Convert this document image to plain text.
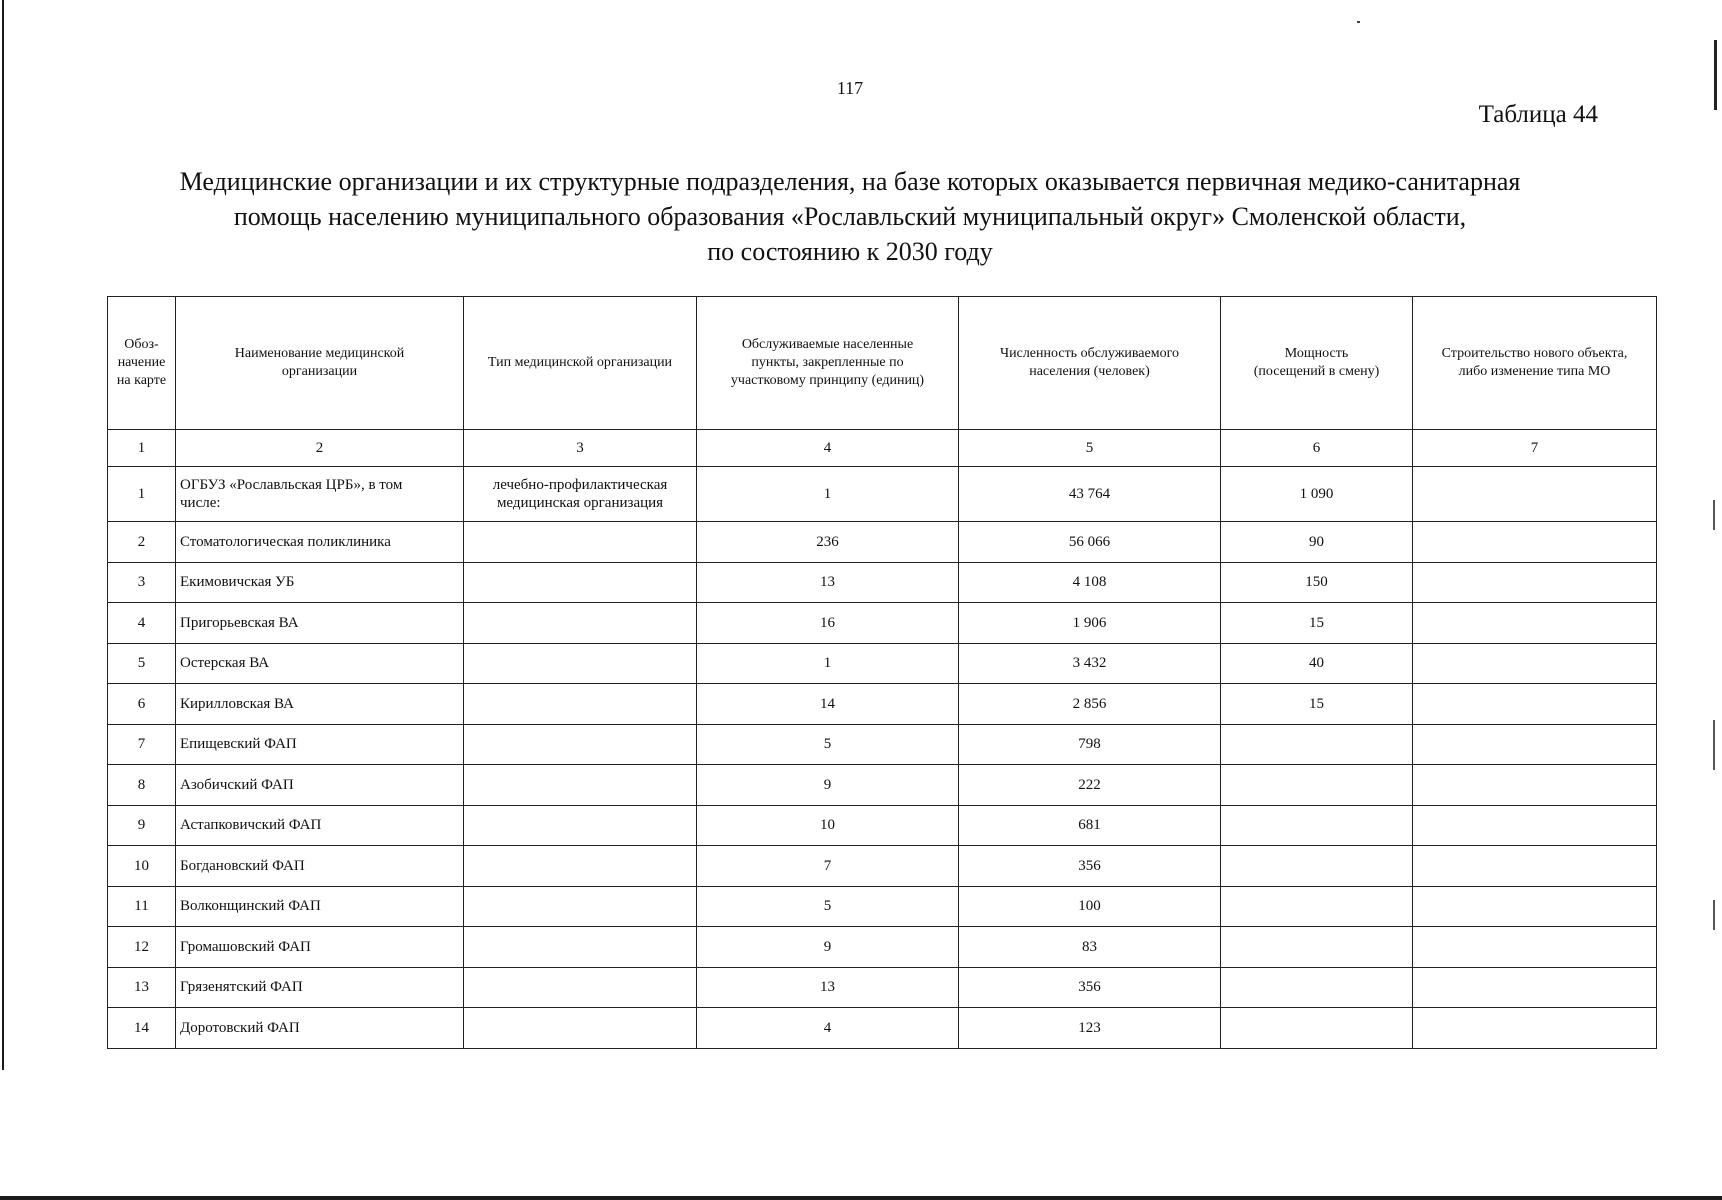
117
Таблица 44
Медицинские организации и их структурные подразделения, на базе которых оказывается первичная медико-санитарная
помощь населению муниципального образования «Рославльский муниципальный округ» Смоленской области,
по состоянию к 2030 году
Обоз-
начение
на карте	Наименование медицинской
организации	Тип медицинской организации	Обслуживаемые населенные
пункты, закрепленные по
участковому принципу (единиц)	Численность обслуживаемого
населения (человек)	Мощность
(посещений в смену)	Строительство нового объекта,
либо изменение типа МО
1	2	3	4	5	6	7
1	ОГБУЗ «Рославльская ЦРБ», в том
числе:	лечебно-профилактическая
медицинская организация	1	43 764	1 090	
2	Стоматологическая поликлиника		236	56 066	90	
3	Екимовичская УБ		13	4 108	150	
4	Пригорьевская ВА		16	1 906	15	
5	Остерская ВА		1	3 432	40	
6	Кирилловская ВА		14	2 856	15	
7	Епищевский ФАП		5	798		
8	Азобичский ФАП		9	222		
9	Астапковичский ФАП		10	681		
10	Богдановский ФАП		7	356		
11	Волконщинский ФАП		5	100		
12	Громашовский ФАП		9	83		
13	Грязенятский ФАП		13	356		
14	Доротовский ФАП		4	123		
